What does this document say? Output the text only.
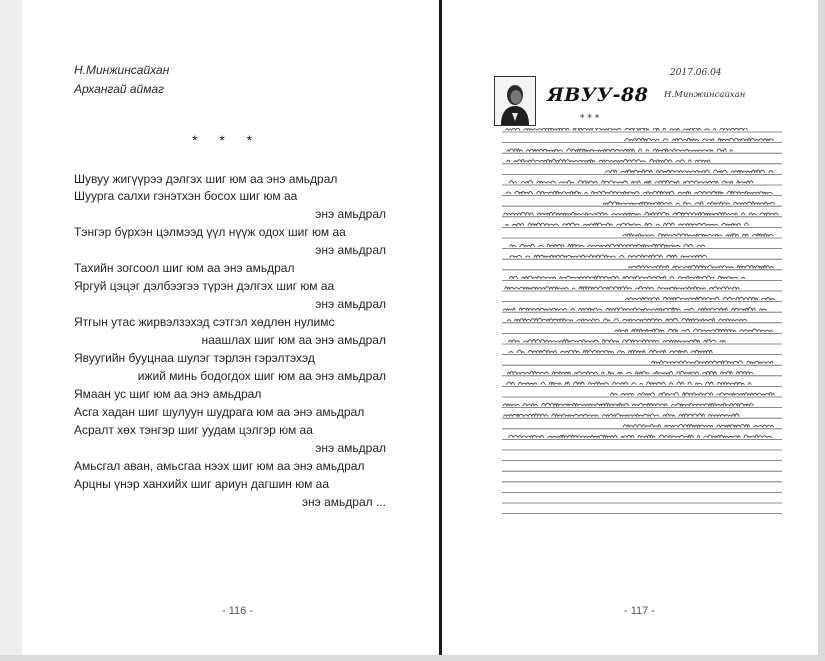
Н.Минжинсайхан
Архангай аймаг
* * *
Шувуу жигүүрээ дэлгэх шиг юм аа энэ амьдрал
Шуурга салхи гэнэтхэн босох шиг юм аа
энэ амьдрал
Тэнгэр бүрхэн цэлмээд үүл нүүж одох шиг юм аа
энэ амьдрал
Тахийн зогсоол шиг юм аа энэ амьдрал
Яргуй цэцэг дэлбээгээ түрэн дэлгэх шиг юм аа
энэ амьдрал
Ятгын утас жирвэлзэхэд сэтгэл хөдлөн нулимс
наашлах шиг юм аа энэ амьдрал
Явуугийн бууцнаа шулэг тэрлэн гэрэлтэхэд
ижий минь бодогдох шиг юм аа энэ амьдрал
Ямаан ус шиг юм аа энэ амьдрал
Асга хадан шиг шулуун шудрага юм аа энэ амьдрал
Асралт хөх тэнгэр шиг уудам цэлгэр юм аа
энэ амьдрал
Амьсгал аван, амьсгаа нээх шиг юм аа энэ амьдрал
Арцны үнэр ханхийх шиг ариун дагшин юм аа
энэ амьдрал ...
- 116 -
ЯВУУ-88
2017.06.04
Н.Минжинсайхан
* * *
- 117 -
